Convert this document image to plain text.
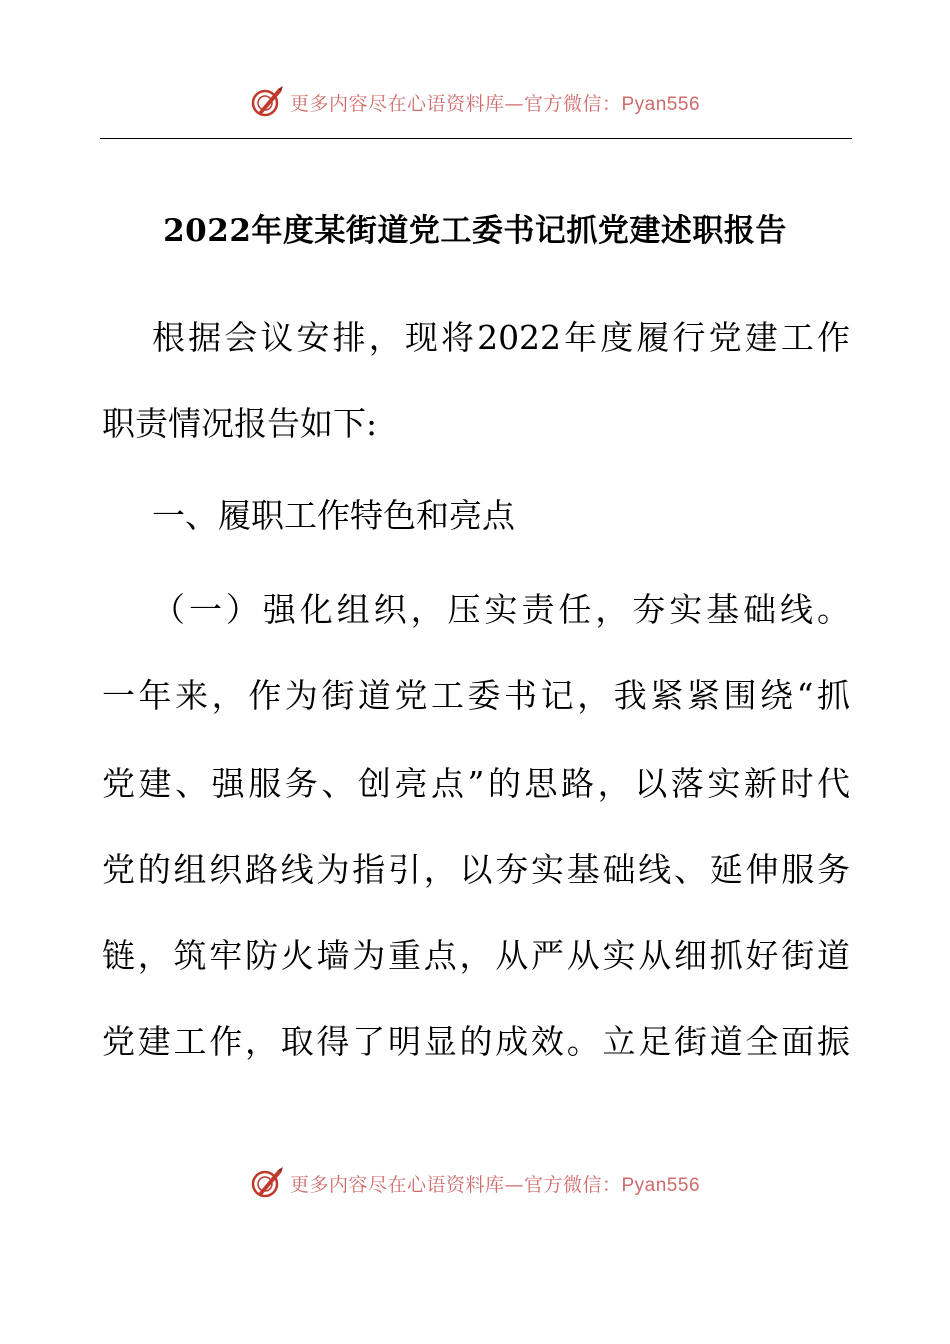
更多内容尽在心语资料库—官方微信：Pyan556
2022年度某街道党工委书记抓党建述职报告
根据会议安排，现将2022年度履行党建工作
职责情况报告如下:
一、履职工作特色和亮点
（一）强化组织，压实责任，夯实基础线。
一年来，作为街道党工委书记，我紧紧围绕“抓
党建、强服务、创亮点”的思路，以落实新时代
党的组织路线为指引，以夯实基础线、延伸服务
链，筑牢防火墙为重点，从严从实从细抓好街道
党建工作，取得了明显的成效。立足街道全面振
更多内容尽在心语资料库—官方微信：Pyan556
